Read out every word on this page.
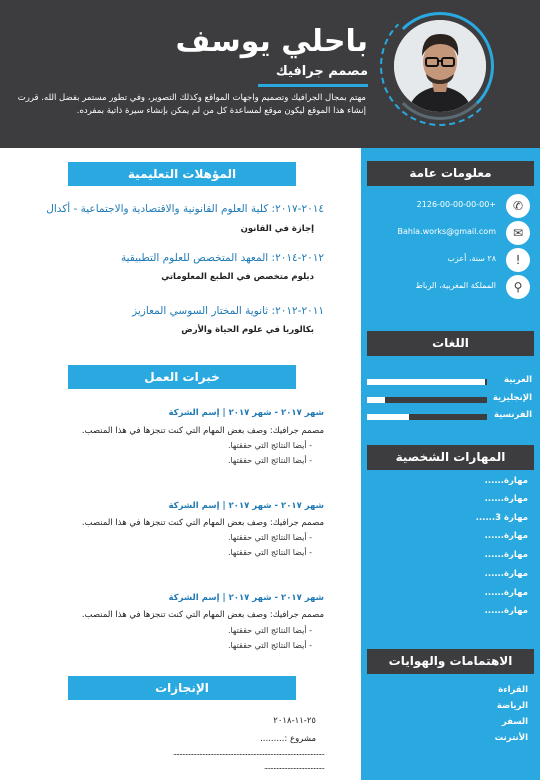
باحلي يوسف
مصمم جرافيك
مهتم بمجال الجرافيك وتصميم واجهات المواقع وكذلك التصوير، وفي تطور مستمر بفضل الله. قررت إنشاء هذا الموقع ليكون موقع لمساعدة كل من لم يمكن بإنشاء سيرة ذاتية بمفرده.
معلومات عامة
✆
+2126-00-00-00-00
✉
Bahla.works@gmail.com
!
٢٨ سنة، أعزب
⚲
المملكة المغربية، الرباط
اللغات
العربية
الإنجليزية
الفرنسية
المهارات الشخصية
مهارة......
مهارة......
مهارة 3......
مهارة......
مهارة......
مهارة......
مهارة......
مهارة......
الاهتمامات والهوايات
القراءة
الرياضة
السفر
الأنترنت
المؤهلات التعليمية
٢٠١٤-٢٠١٧: كلية العلوم القانونية والاقتصادية والاجتماعية - أكدال
إجازة في القانون
٢٠١٢-٢٠١٤: المعهد المتخصص للعلوم التطبيقية
دبلوم متخصص في الطبع المعلوماتي
٢٠١١-٢٠١٢: ثانوية المختار السوسي المعازيز
بكالوريا في علوم الحياة والأرض
خبرات العمل
شهر ٢٠١٧ - شهر ٢٠١٧ | إسم الشركة
مصمم جرافيك: وصف بعض المهام التي كنت تنجزها في هذا المنصب.
- أيضا النتائج التي حققتها.
- أيضا النتائج التي حققتها.
شهر ٢٠١٧ - شهر ٢٠١٧ | إسم الشركة
مصمم جرافيك: وصف بعض المهام التي كنت تنجزها في هذا المنصب.
- أيضا النتائج التي حققتها.
- أيضا النتائج التي حققتها.
شهر ٢٠١٧ - شهر ٢٠١٧ | إسم الشركة
مصمم جرافيك: وصف بعض المهام التي كنت تنجزها في هذا المنصب.
- أيضا النتائج التي حققتها.
- أيضا النتائج التي حققتها.
الإنجازات
٢٥-١١-٢٠١٨
مشروع :.........
..................................................................................................
.......................................
